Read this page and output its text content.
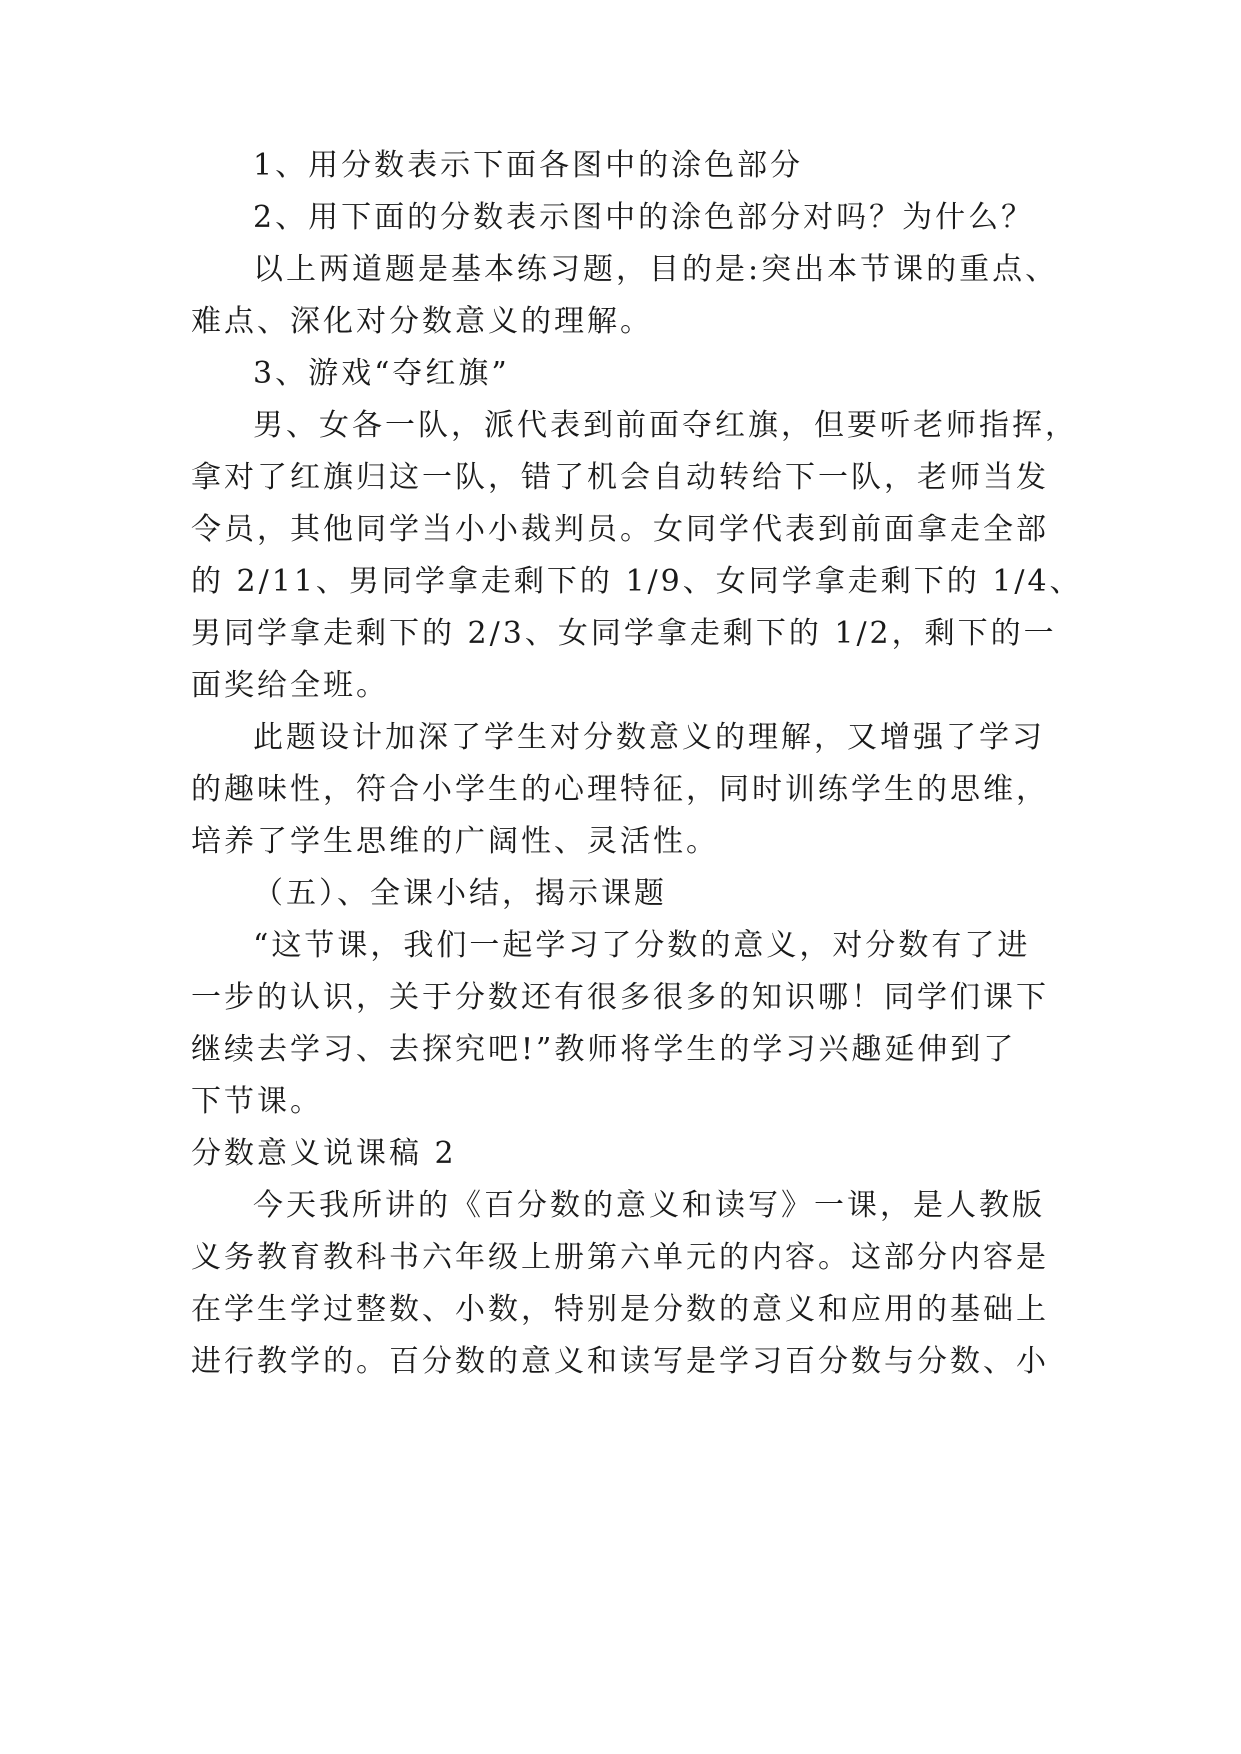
1、用分数表示下面各图中的涂色部分
2、用下面的分数表示图中的涂色部分对吗？为什么？
以上两道题是基本练习题，目的是:突出本节课的重点、
难点、深化对分数意义的理解。
3、游戏“夺红旗”
男、女各一队，派代表到前面夺红旗，但要听老师指挥，
拿对了红旗归这一队，错了机会自动转给下一队，老师当发
令员，其他同学当小小裁判员。女同学代表到前面拿走全部
的 2/11、男同学拿走剩下的 1/9、女同学拿走剩下的 1/4、
男同学拿走剩下的 2/3、女同学拿走剩下的 1/2，剩下的一
面奖给全班。
此题设计加深了学生对分数意义的理解，又增强了学习
的趣味性，符合小学生的心理特征，同时训练学生的思维，
培养了学生思维的广阔性、灵活性。
（五）、全课小结，揭示课题
“这节课，我们一起学习了分数的意义，对分数有了进
一步的认识，关于分数还有很多很多的知识哪！同学们课下
继续去学习、去探究吧!”教师将学生的学习兴趣延伸到了
下节课。
分数意义说课稿 2
今天我所讲的《百分数的意义和读写》一课，是人教版
义务教育教科书六年级上册第六单元的内容。这部分内容是
在学生学过整数、小数，特别是分数的意义和应用的基础上
进行教学的。百分数的意义和读写是学习百分数与分数、小
